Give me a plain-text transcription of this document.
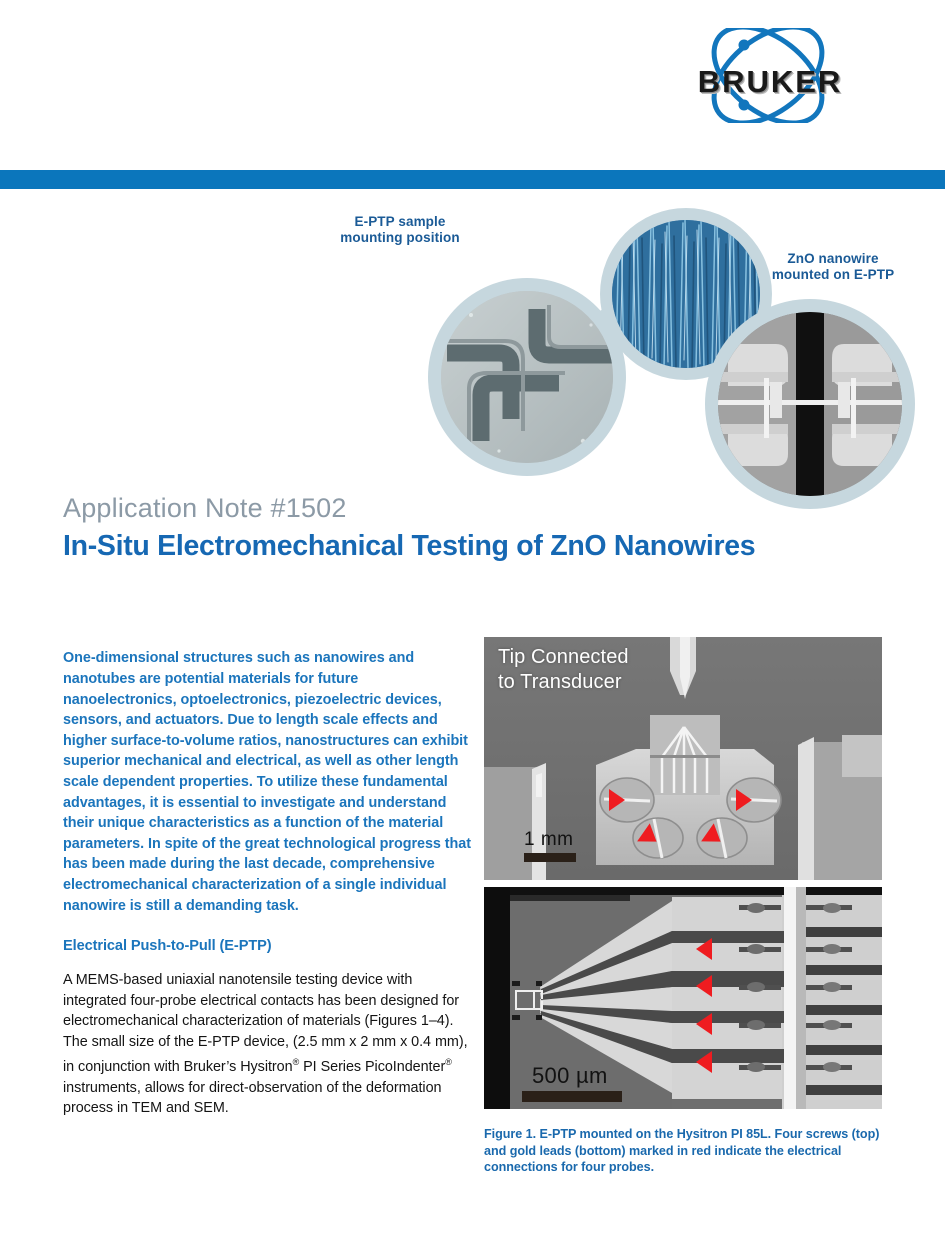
BRUKER
E-PTP sample
mounting position
ZnO nanowire
mounted on E-PTP
Application Note #1502
In-Situ Electromechanical Testing of ZnO Nanowires

One-dimensional structures such as nanowires and nanotubes are potential materials for future nanoelectronics, optoelectronics, piezoelectric devices, sensors, and actuators. Due to length scale effects and higher surface-to-volume ratios, nanostructures can exhibit superior mechanical and electrical, as well as other length scale dependent properties. To utilize these fundamental advantages, it is essential to investigate and understand their unique characteristics as a function of the material parameters. In spite of the great technological progress that has been made during the last decade, comprehensive electromechanical characterization of a single individual nanowire is still a demanding task.

Electrical Push-to-Pull (E-PTP)

A MEMS-based uniaxial nanotensile testing device with integrated four-probe electrical contacts has been designed for electromechanical characterization of materials (Figures 1–4). The small size of the E-PTP device, (2.5 mm x 2 mm x 0.4 mm), in conjunction with Bruker’s Hysitron® PI Series PicoIndenter® instruments, allows for direct-observation of the deformation process in TEM and SEM.

Tip Connected
to Transducer
1 mm
500 µm
Figure 1. E-PTP mounted on the Hysitron PI 85L. Four screws (top) and gold leads (bottom) marked in red indicate the electrical connections for four probes.
